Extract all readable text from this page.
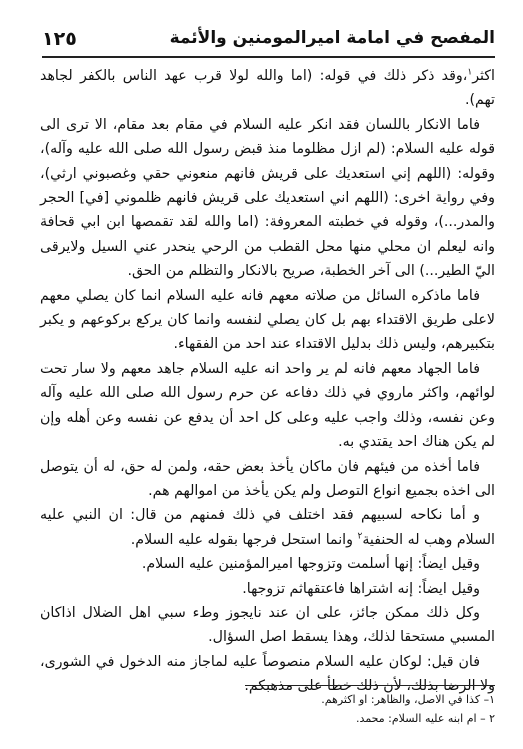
١٢٥	المفصح في امامة اميرالمومنين والأئمة

اكثر$^١$،وقد ذكر ذلك في قوله: (اما والله لولا قرب عهد الناس بالكفر لجاهد تهم).

فاما الانكار باللسان فقد انكر عليه السلام في مقام بعد مقام، الا ترى الى قوله عليه السلام: (لم ازل مظلوما منذ قبض رسول الله صلى الله عليه وآله)، وقوله: (اللهم إني استعديك على قريش فانهم منعوني حقي وغصبوني ارثي)، وفي رواية اخرى: (اللهم اني استعديك على قريش فانهم ظلموني [في] الحجر والمدر...)، وقوله في خطبته المعروفة: (اما والله لقد تقمصها ابن ابي قحافة وانه ليعلم ان محلي منها محل القطب من الرحي ينحدر عني السيل ولايرقى اليّ الطير...) الى آخر الخطبة، صريح بالانكار والتظلم من الحق.

فاما ماذكره السائل من صلاته معهم فانه عليه السلام انما كان يصلي معهم لاعلى طريق الاقتداء بهم بل كان يصلي لنفسه وانما كان يركع بركوعهم و يكبر بتكبيرهم، وليس ذلك بدليل الاقتداء عند احد من الفقهاء.

فاما الجهاد معهم فانه لم ير واحد انه عليه السلام جاهد معهم ولا سار تحت لوائهم، واكثر ماروي في ذلك دفاعه عن حرم رسول الله صلى الله عليه وآله وعن نفسه، وذلك واجب عليه وعلى كل احد أن يدفع عن نفسه وعن أهله وإن لم يكن هناك احد يقتدي به.

فاما أخذه من فيئهم فان ماكان يأخذ بعض حقه، ولمن له حق، له أن يتوصل الى اخذه بجميع انواع التوصل ولم يكن يأخذ من اموالهم هم.

و أما نكاحه لسبيهم فقد اختلف في ذلك فمنهم من قال: ان النبي عليه السلام وهب له الحنفية$^٢$ وانما استحل فرجها بقوله عليه السلام.

وقيل ايضاً: إنها أسلمت وتزوجها اميرالمؤمنين عليه السلام.

وقيل ايضاً: إنه اشتراها فاعتقهاثم تزوجها.

وكل ذلك ممكن جائز، على ان عند نايجوز وطء سبي اهل الضلال اذاكان المسبي مستحقا لذلك، وهذا يسقط اصل السؤال.

فان قيل: لوكان عليه السلام منصوصاً عليه لماجاز منه الدخول في الشورى، ولا الرضا بذلك، لأن ذلك خطأ على مذهبكم.

١– كذا في الاصل، والظاهر: او اكثرهم.

٢ – ام ابنه عليه السلام: محمد.
